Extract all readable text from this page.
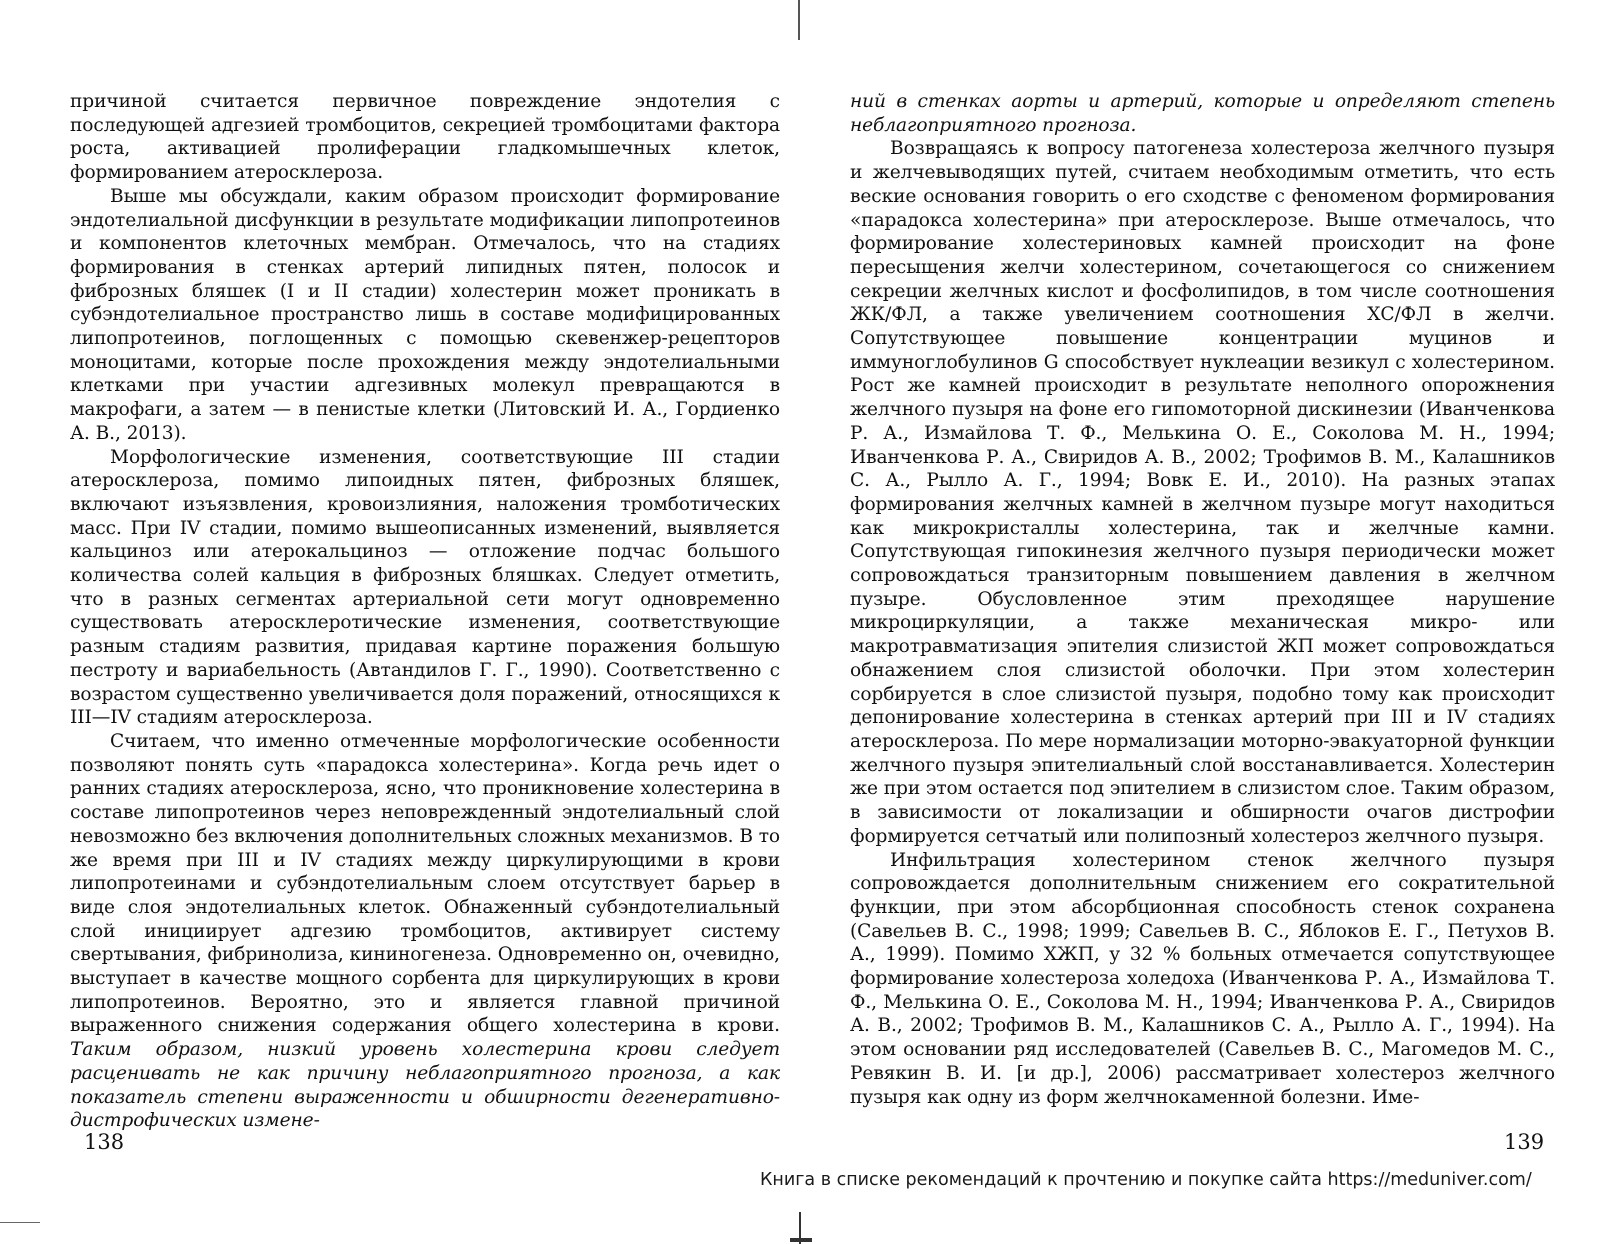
причиной считается первичное повреждение эндотелия с последующей адгезией тромбоцитов, секрецией тромбоцитами фактора роста, активацией пролиферации гладкомышечных клеток, формированием атеросклероза.

Выше мы обсуждали, каким образом происходит формирование эндотелиальной дисфункции в результате модификации липопротеинов и компонентов клеточных мембран. Отмечалось, что на стадиях формирования в стенках артерий липидных пятен, полосок и фиброзных бляшек (I и II стадии) холестерин может проникать в субэндотелиальное пространство лишь в составе модифицированных липопротеинов, поглощенных с помощью скевенжер-рецепторов моноцитами, которые после прохождения между эндотелиальными клетками при участии адгезивных молекул превращаются в макрофаги, а затем — в пенистые клетки (Литовский И. А., Гордиенко А. В., 2013).

Морфологические изменения, соответствующие III стадии атеросклероза, помимо липоидных пятен, фиброзных бляшек, включают изъязвления, кровоизлияния, наложения тромботических масс. При IV стадии, помимо вышеописанных изменений, выявляется кальциноз или атерокальциноз — отложение подчас большого количества солей кальция в фиброзных бляшках. Следует отметить, что в разных сегментах артериальной сети могут одновременно существовать атеросклеротические изменения, соответствующие разным стадиям развития, придавая картине поражения большую пестроту и вариабельность (Автандилов Г. Г., 1990). Соответственно с возрастом существенно увеличивается доля поражений, относящихся к III—IV стадиям атеросклероза.

Считаем, что именно отмеченные морфологические особенности позволяют понять суть «парадокса холестерина». Когда речь идет о ранних стадиях атеросклероза, ясно, что проникновение холестерина в составе липопротеинов через неповрежденный эндотелиальный слой невозможно без включения дополнительных сложных механизмов. В то же время при III и IV стадиях между циркулирующими в крови липопротеинами и субэндотелиальным слоем отсутствует барьер в виде слоя эндотелиальных клеток. Обнаженный субэндотелиальный слой инициирует адгезию тромбоцитов, активирует систему свертывания, фибринолиза, кининогенеза. Одновременно он, очевидно, выступает в качестве мощного сорбента для циркулирующих в крови липопротеинов. Вероятно, это и является главной причиной выраженного снижения содержания общего холестерина в крови. Таким образом, низкий уровень холестерина крови следует расценивать не как причину неблагоприятного прогноза, а как показатель степени выраженности и обширности дегенеративно-дистрофических измене-

ний в стенках аорты и артерий, которые и определяют степень неблагоприятного прогноза.

Возвращаясь к вопросу патогенеза холестероза желчного пузыря и желчевыводящих путей, считаем необходимым отметить, что есть веские основания говорить о его сходстве с феноменом формирования «парадокса холестерина» при атеросклерозе. Выше отмечалось, что формирование холестериновых камней происходит на фоне пересыщения желчи холестерином, сочетающегося со снижением секреции желчных кислот и фосфолипидов, в том числе соотношения ЖК/ФЛ, а также увеличением соотношения ХС/ФЛ в желчи. Сопутствующее повышение концентрации муцинов и иммуноглобулинов G способствует нуклеации везикул с холестерином. Рост же камней происходит в результате неполного опорожнения желчного пузыря на фоне его гипомоторной дискинезии (Иванченкова Р. А., Измайлова Т. Ф., Мелькина О. Е., Соколова М. Н., 1994; Иванченкова Р. А., Свиридов А. В., 2002; Трофимов В. М., Калашников С. А., Рылло А. Г., 1994; Вовк Е. И., 2010). На разных этапах формирования желчных камней в желчном пузыре могут находиться как микрокристаллы холестерина, так и желчные камни. Сопутствующая гипокинезия желчного пузыря периодически может сопровождаться транзиторным повышением давления в желчном пузыре. Обусловленное этим преходящее нарушение микроциркуляции, а также механическая микро- или макротравматизация эпителия слизистой ЖП может сопровождаться обнажением слоя слизистой оболочки. При этом холестерин сорбируется в слое слизистой пузыря, подобно тому как происходит депонирование холестерина в стенках артерий при III и IV стадиях атеросклероза. По мере нормализации моторно-эвакуаторной функции желчного пузыря эпителиальный слой восстанавливается. Холестерин же при этом остается под эпителием в слизистом слое. Таким образом, в зависимости от локализации и обширности очагов дистрофии формируется сетчатый или полипозный холестероз желчного пузыря.

Инфильтрация холестерином стенок желчного пузыря сопровождается дополнительным снижением его сократительной функции, при этом абсорбционная способность стенок сохранена (Савельев В. С., 1998; 1999; Савельев В. С., Яблоков Е. Г., Петухов В. А., 1999). Помимо ХЖП, у 32 % больных отмечается сопутствующее формирование холестероза холедоха (Иванченкова Р. А., Измайлова Т. Ф., Мелькина О. Е., Соколова М. Н., 1994; Иванченкова Р. А., Свиридов А. В., 2002; Трофимов В. М., Калашников С. А., Рылло А. Г., 1994). На этом основании ряд исследователей (Савельев В. С., Магомедов М. С., Ревякин В. И. [и др.], 2006) рассматривает холестероз желчного пузыря как одну из форм желчнокаменной болезни. Име-

138	139
Книга в списке рекомендаций к прочтению и покупке сайта https://meduniver.com/
